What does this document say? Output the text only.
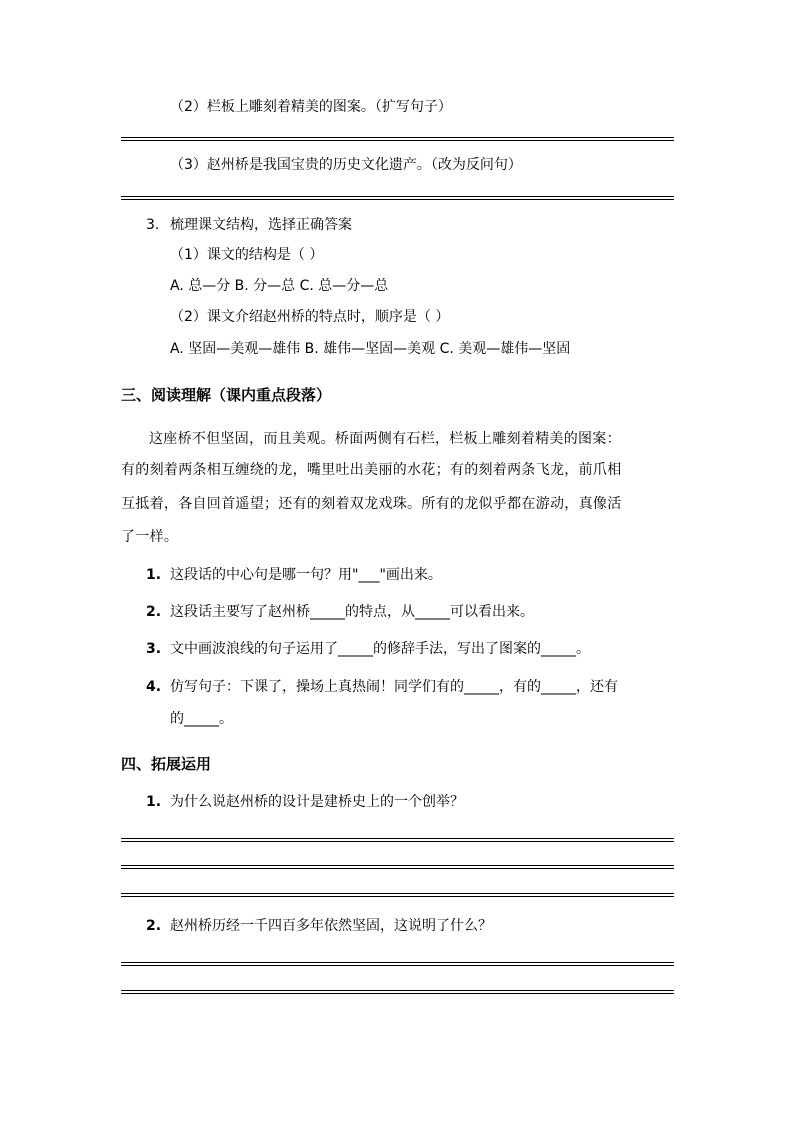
（2）栏板上雕刻着精美的图案。（扩写句子）
（3）赵州桥是我国宝贵的历史文化遗产。（改为反问句）
3. 梳理课文结构，选择正确答案
（1）课文的结构是（ ）
A. 总—分 B. 分—总 C. 总—分—总
（2）课文介绍赵州桥的特点时，顺序是（ ）
A. 坚固—美观—雄伟 B. 雄伟—坚固—美观 C. 美观—雄伟—坚固
三、阅读理解（课内重点段落）
这座桥不但坚固，而且美观。桥面两侧有石栏，栏板上雕刻着精美的图案：
有的刻着两条相互缠绕的龙，嘴里吐出美丽的水花；有的刻着两条飞龙，前爪相
互抵着，各自回首遥望；还有的刻着双龙戏珠。所有的龙似乎都在游动，真像活
了一样。
1. 这段话的中心句是哪一句？用"___"画出来。
2. 这段话主要写了赵州桥_____的特点，从_____可以看出来。
3. 文中画波浪线的句子运用了_____的修辞手法，写出了图案的_____。
4. 仿写句子：下课了，操场上真热闹！同学们有的_____，有的_____，还有
的_____。
四、拓展运用
1. 为什么说赵州桥的设计是建桥史上的一个创举？
2. 赵州桥历经一千四百多年依然坚固，这说明了什么？
